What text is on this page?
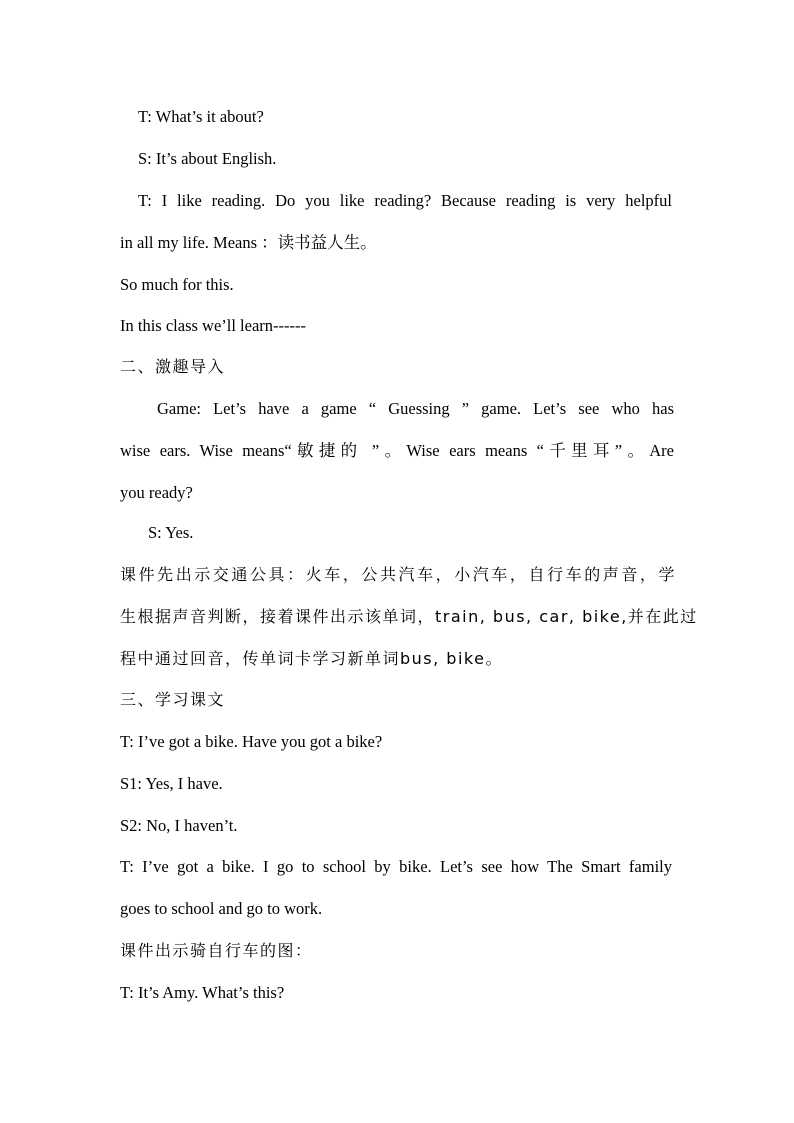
T: What’s it about?
S: It’s about English.
T: I like reading. Do you like reading? Because reading is very helpful
in all my life. Means ：读书益人生。
So much for this.
In this class we’ll learn------
二、激趣导入
Game: Let’s have a game “ Guessing ” game. Let’s see who has
wise ears. Wise means“敏捷的 ”。Wise ears means “千里耳”。Are
you ready?
S: Yes.
课件先出示交通公具：火车，公共汽车，小汽车，自行车的声音，学
生根据声音判断，接着课件出示该单词，train, bus, car, bike,并在此过
程中通过回音，传单词卡学习新单词bus, bike。
三、学习课文
T: I’ve got a bike. Have you got a bike?
S1: Yes, I have.
S2: No, I haven’t.
T: I’ve got a bike. I go to school by bike. Let’s see how The Smart family
goes to school and go to work.
课件出示骑自行车的图：
T: It’s Amy. What’s this?
